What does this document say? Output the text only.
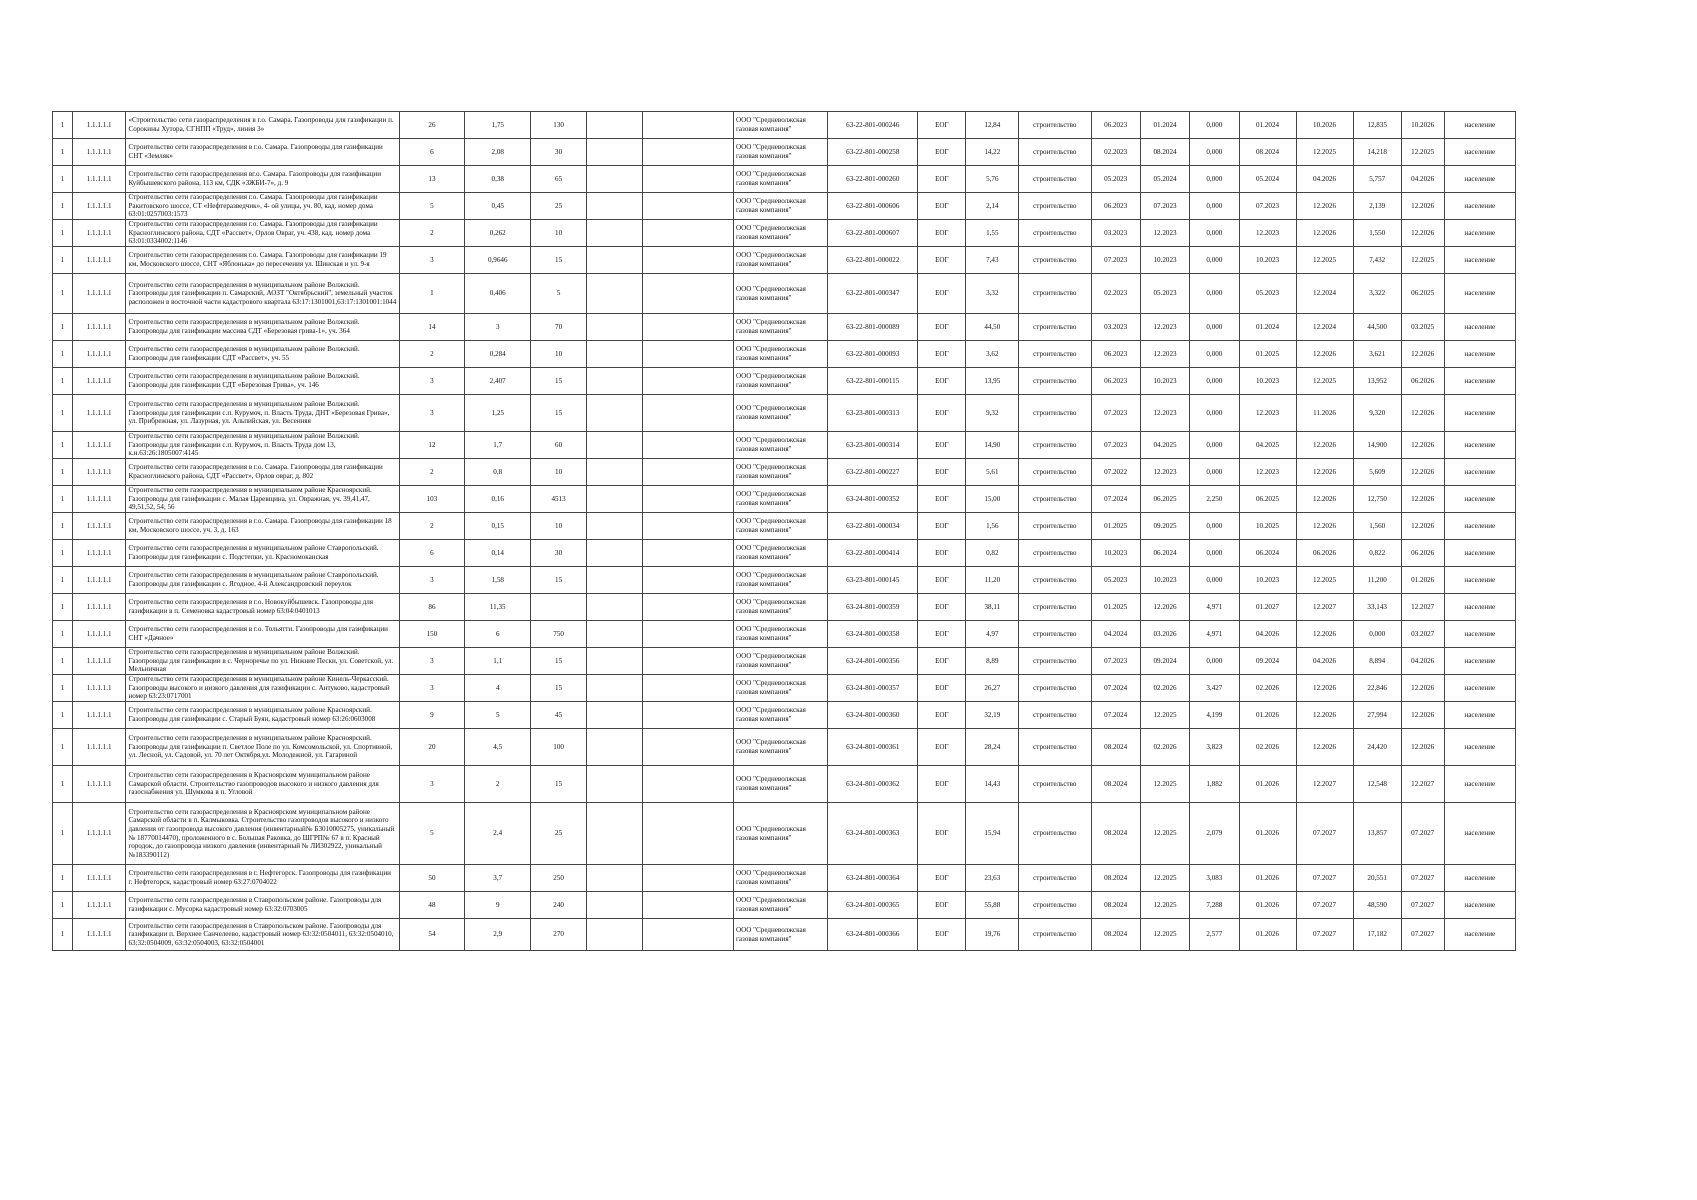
1	1.1.1.1.1	«Строительство сети газораспределения в г.о. Самара. Газопроводы для газификации п. Сорокины Хутора, СГНПП «Труд», линия 3»	26	1,75	130			ООО "Средневолжская газовая компания"	63-22-801-000246	ЕОГ	12,84	строительство	06.2023	01.2024	0,000	01.2024	10.2026	12,835	10.2026	население
1	1.1.1.1.1	Строительство сети газораспределения в г.о. Самара. Газопроводы для газификации СНТ «Земляк»	6	2,08	30			ООО "Средневолжская газовая компания"	63-22-801-000258	ЕОГ	14,22	строительство	02.2023	08.2024	0,000	08.2024	12.2025	14,218	12.2025	население
1	1.1.1.1.1	Строительство сети газораспределения вг.о. Самара. Газопроводы для газификации Куйбышевского района, 113 км, СДК «ЗЖБИ-7», д. 9	13	0,38	65			ООО "Средневолжская газовая компания"	63-22-801-000260	ЕОГ	5,76	строительство	05.2023	05.2024	0,000	05.2024	04.2026	5,757	04.2026	население
1	1.1.1.1.1	Строительство сети газораспределения г.о. Самара. Газопроводы для газификации Ракитовского шоссе, СТ «Нефтеразведчик», 4- ой улицы, уч. 80, кад. номер дома 63:01:0257003:1573	5	0,45	25			ООО "Средневолжская газовая компания"	63-22-801-000606	ЕОГ	2,14	строительство	06.2023	07.2023	0,000	07.2023	12.2026	2,139	12.2026	население
1	1.1.1.1.1	Строительство сети газораспределения г.о. Самара. Газопроводы для газификации Красноглинского района, СДТ «Рассвет», Орлов Овраг, уч. 438, кад. номер дома 63:01:0334002:1146	2	0,262	10			ООО "Средневолжская газовая компания"	63-22-801-000607	ЕОГ	1,55	строительство	03.2023	12.2023	0,000	12.2023	12.2026	1,550	12.2026	население
1	1.1.1.1.1	Строительство сети газораспределения г.о. Самара. Газопроводы для газификации 19 км, Московского шоссе, СНТ «Яблонька» до пересечения ул. Шинская и ул. 9-я	3	0,9646	15			ООО "Средневолжская газовая компания"	63-22-801-000022	ЕОГ	7,43	строительство	07.2023	10.2023	0,000	10.2023	12.2025	7,432	12.2025	население
1	1.1.1.1.1	Строительство сети газораспределения в муниципальном районе Волжский. Газопроводы для газификации п. Самарский, АОЗТ "Октябрьский", земельный участок расположен в восточной части кадастрового квартала 63:17:1301001,63:17:1301001:1044	1	0,406	5			ООО "Средневолжская газовая компания"	63-22-801-000347	ЕОГ	3,32	строительство	02.2023	05.2023	0,000	05.2023	12.2024	3,322	06.2025	население
1	1.1.1.1.1	Строительство сети газораспределения в муниципальном районе Волжский. Газопроводы для газификации массива СДТ «Березовая грива-1», уч. 364	14	3	70			ООО "Средневолжская газовая компания"	63-22-801-000089	ЕОГ	44,50	строительство	03.2023	12.2023	0,000	01.2024	12.2024	44,500	03.2025	население
1	1.1.1.1.1	Строительство сети газораспределения в муниципальном районе Волжский. Газопроводы для газификации СДТ «Рассвет», уч. 55	2	0,284	10			ООО "Средневолжская газовая компания"	63-22-801-000093	ЕОГ	3,62	строительство	06.2023	12.2023	0,000	01.2025	12.2026	3,621	12.2026	население
1	1.1.1.1.1	Строительство сети газораспределения в муниципальном районе Волжский. Газопроводы для газификации СДТ «Березовая Грива», уч. 146	3	2,407	15			ООО "Средневолжская газовая компания"	63-22-801-000115	ЕОГ	13,95	строительство	06.2023	10.2023	0,000	10.2023	12.2025	13,952	06.2026	население
1	1.1.1.1.1	Строительство сети газораспределения в муниципальном районе Волжский. Газопроводы для газификации с.п. Курумоч, п. Власть Труда, ДНТ «Березовая Грива», ул. Прибрежная, ул. Лазурная, ул. Альпийская, ул. Весенняя	3	1,25	15			ООО "Средневолжская газовая компания"	63-23-801-000313	ЕОГ	9,32	строительство	07.2023	12.2023	0,000	12.2023	11.2026	9,320	12.2026	население
1	1.1.1.1.1	Строительство сети газораспределения в муниципальном районе Волжский. Газопроводы для газификации с.п. Курумоч, п. Власть Труда дом 13, к.н.63:26:1805007:4145	12	1,7	60			ООО "Средневолжская газовая компания"	63-23-801-000314	ЕОГ	14,90	строительство	07.2023	04.2025	0,000	04.2025	12.2026	14,900	12.2026	население
1	1.1.1.1.1	Строительство сети газораспределения в г.о. Самара. Газопроводы для газификации Красноглинского района, СДТ «Рассвет», Орлов овраг, д. 802	2	0,8	10			ООО "Средневолжская газовая компания"	63-22-801-000227	ЕОГ	5,61	строительство	07.2022	12.2023	0,000	12.2023	12.2026	5,609	12.2026	население
1	1.1.1.1.1	Строительство сети газораспределения в муниципальном районе Красноярский. Газопроводы для газификации с. Малая Царевщина, ул. Овражная, уч. 39,41,47, 49,51,52, 54, 56	103	0,16	4513			ООО "Средневолжская газовая компания"	63-24-801-000352	ЕОГ	15,00	строительство	07.2024	06.2025	2,250	06.2025	12.2026	12,750	12.2026	население
1	1.1.1.1.1	Строительство сети газораспределения в г.о. Самара. Газопроводы для газификации 18 км, Московского шоссе, уч. 3, д. 163	2	0,15	10			ООО "Средневолжская газовая компания"	63-22-801-000034	ЕОГ	1,56	строительство	01.2025	09.2025	0,000	10.2025	12.2026	1,560	12.2026	население
1	1.1.1.1.1	Строительство сети газораспределения в муниципальном районе Ставропольский. Газопроводы для газификации с. Подстепки, ул. Красномоканская	6	0,14	30			ООО "Средневолжская газовая компания"	63-22-801-000414	ЕОГ	0,82	строительство	10.2023	06.2024	0,000	06.2024	06.2026	0,822	06.2026	население
1	1.1.1.1.1	Строительство сети газораспределения в муниципальном районе Ставропольский. Газопроводы для газификации с. Ягодное, 4-й Александровский переулок	3	1,58	15			ООО "Средневолжская газовая компания"	63-23-801-000145	ЕОГ	11,20	строительство	05.2023	10.2023	0,000	10.2023	12.2025	11,200	01.2026	население
1	1.1.1.1.1	Строительство сети газораспределения в г.о. Новокуйбышевск. Газопроводы для газификации в п. Семеновка кадастровый номер 63:04:0401013	86	11,35				ООО "Средневолжская газовая компания"	63-24-801-000359	ЕОГ	38,11	строительство	01.2025	12.2026	4,971	01.2027	12.2027	33,143	12.2027	население
1	1.1.1.1.1	Строительство сети газораспределения в г.о. Тольятти. Газопроводы для газификации СНТ «Дачное»	150	6	750			ООО "Средневолжская газовая компания"	63-24-801-000358	ЕОГ	4,97	строительство	04.2024	03.2026	4,971	04.2026	12.2026	0,000	03.2027	население
1	1.1.1.1.1	Строительство сети газораспределения в муниципальном районе Волжский. Газопроводы для газификации в с. Черноречье по ул. Нижние Пески, ул. Советской, ул. Мельничная	3	1,1	15			ООО "Средневолжская газовая компания"	63-24-801-000356	ЕОГ	8,89	строительство	07.2023	09.2024	0,000	09.2024	04.2026	8,894	04.2026	население
1	1.1.1.1.1	Строительство сети газораспределения в муниципальном районе Кинель-Черкасский. Газопроводы высокого и низкого давления для газификации с. Антуково, кадастровый номер 63:23:0717001	3	4	15			ООО "Средневолжская газовая компания"	63-24-801-000357	ЕОГ	26,27	строительство	07.2024	02.2026	3,427	02.2026	12.2026	22,846	12.2026	население
1	1.1.1.1.1	Строительство сети газораспределения в муниципальном районе Красноярский. Газопроводы для газификации с. Старый Буян, кадастровый номер 63:26:0603008	9	5	45			ООО "Средневолжская газовая компания"	63-24-801-000360	ЕОГ	32,19	строительство	07.2024	12.2025	4,199	01.2026	12.2026	27,994	12.2026	население
1	1.1.1.1.1	Строительство сети газораспределения в муниципальном районе Красноярский. Газопроводы для газификации п. Светлое Поле по ул. Комсомольской, ул. Спортивной, ул. Лесной, ул. Садовой, ул. 70 лет Октября,ул. Молодежной, ул. Гагариной	20	4,5	100			ООО "Средневолжская газовая компания"	63-24-801-000361	ЕОГ	28,24	строительство	08.2024	02.2026	3,823	02.2026	12.2026	24,420	12.2026	население
1	1.1.1.1.1	Строительство сети газораспределения в Красноярском муниципальном районе Самарской области. Строительство газопроводов высокого и низкого давления для газоснабжения ул. Шумкова в п. Угловой	3	2	15			ООО "Средневолжская газовая компания"	63-24-801-000362	ЕОГ	14,43	строительство	08.2024	12.2025	1,882	01.2026	12.2027	12,548	12.2027	население
1	1.1.1.1.1	Строительство сети газораспределения в Красноярском муниципальном районе Самарской области в п. Калмыковка. Строительство газопроводов высокого и низкого давления от газопровода высокого давления (инвентарный№ Б3010005275, уникальный № 18770014470), проложенного в с. Большая Раковка, до ШГРП№ 67 в п. Красный городок, до газопровода низкого давления (инвентарный № ЛИ302922, уникальный №183390112)	5	2,4	25			ООО "Средневолжская газовая компания"	63-24-801-000363	ЕОГ	15,94	строительство	08.2024	12.2025	2,079	01.2026	07.2027	13,857	07.2027	население
1	1.1.1.1.1	Строительство сети газораспределения в г. Нефтегорск. Газопроводы для газификации г. Нефтегорск, кадастровый номер 63:27:0704022	50	3,7	250			ООО "Средневолжская газовая компания"	63-24-801-000364	ЕОГ	23,63	строительство	08.2024	12.2025	3,083	01.2026	07.2027	20,551	07.2027	население
1	1.1.1.1.1	Строительство сети газораспределения в Ставропольском районе. Газопроводы для газификации с. Мусорка кадастровый номер 63:32:0703005	48	9	240			ООО "Средневолжская газовая компания"	63-24-801-000365	ЕОГ	55,88	строительство	08.2024	12.2025	7,288	01.2026	07.2027	48,590	07.2027	население
1	1.1.1.1.1	Строительство сети газораспределения в Ставропольском районе. Газопроводы для газификации п. Верхнее Санчелеево, кадастровый номер 63:32:0504011, 63:32:0504010, 63:32:0504009, 63:32:0504003, 63:32:0504001	54	2,9	270			ООО "Средневолжская газовая компания"	63-24-801-000366	ЕОГ	19,76	строительство	08.2024	12.2025	2,577	01.2026	07.2027	17,182	07.2027	население
